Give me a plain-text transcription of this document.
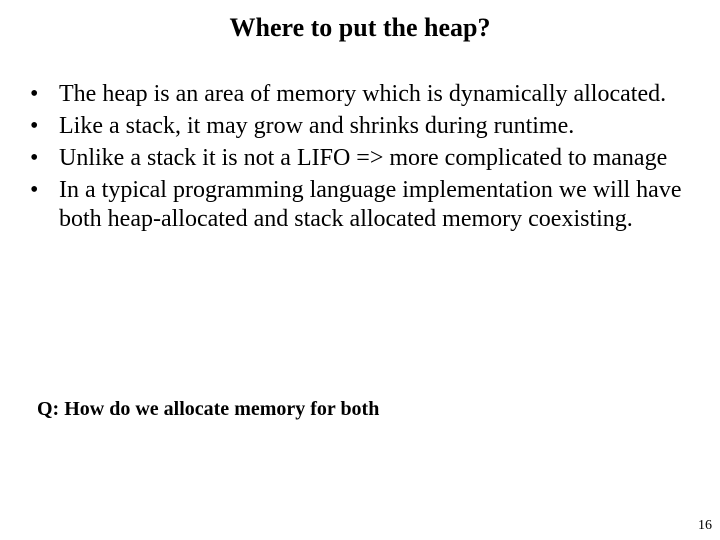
Where to put the heap?
• The heap is an area of memory which is dynamically allocated.
• Like a stack, it may grow and shrinks during runtime.
• Unlike a stack it is not a LIFO => more complicated to manage
• In a typical programming language implementation we will have both heap-allocated and stack allocated memory coexisting.

Q: How do we allocate memory for both

16
